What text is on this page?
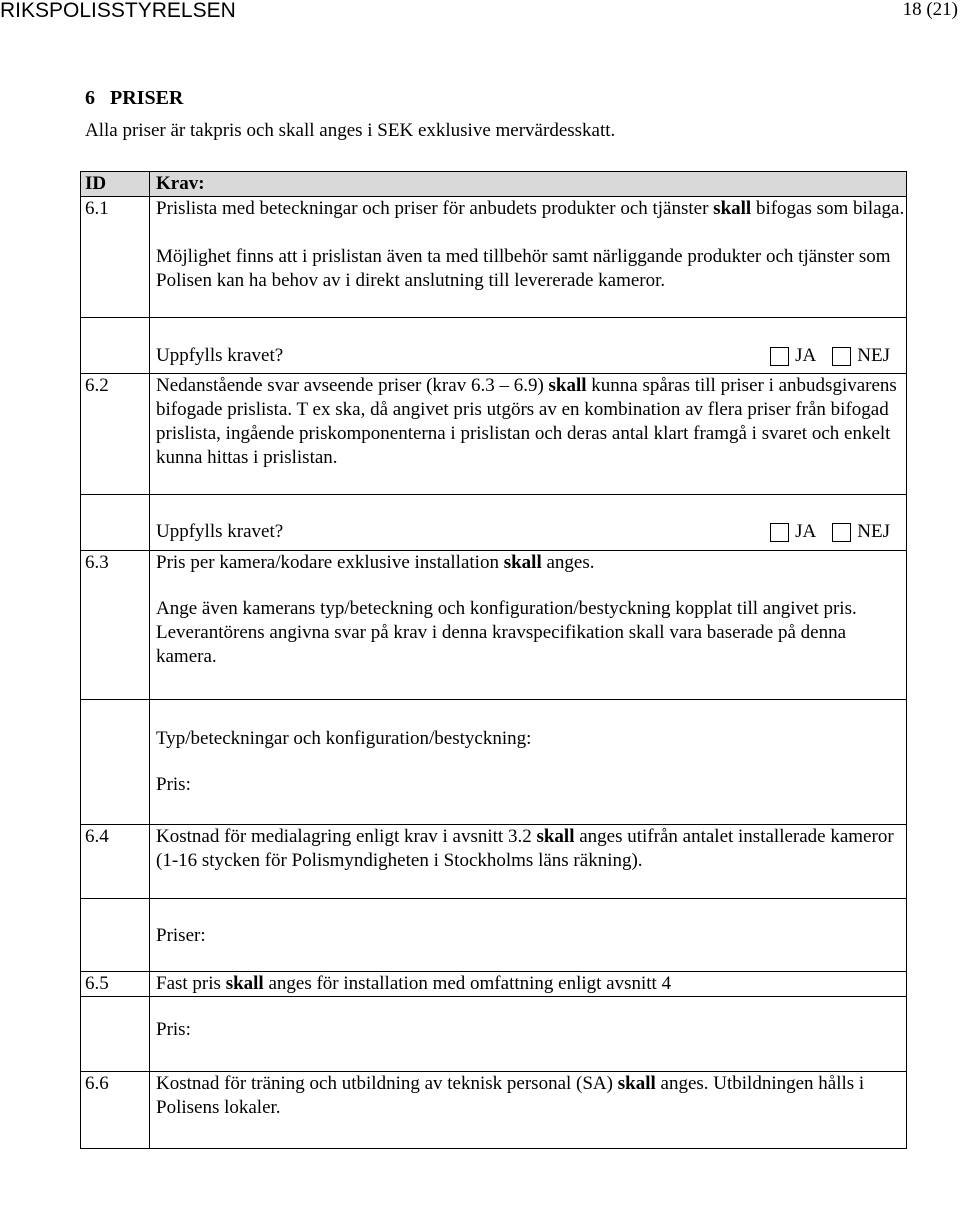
RIKSPOLISSTYRELSEN	18 (21)
6   PRISER
Alla priser är takpris och skall anges i SEK exklusive mervärdesskatt.
ID	Krav:
6.1	Prislista med beteckningar och priser för anbudets produkter och tjänster skall bifogas som bilaga.

Möjlighet finns att i prislistan även ta med tillbehör samt närliggande produkter och tjänster som Polisen kan ha behov av i direkt anslutning till levererade kameror.

	Uppfylls kravet? JA NEJ

6.2	Nedanstående svar avseende priser (krav 6.3 – 6.9) skall kunna spåras till priser i anbudsgivarens bifogade prislista. T ex ska, då angivet pris utgörs av en kombination av flera priser från bifogad prislista, ingående priskomponenterna i prislistan och deras antal klart framgå i svaret och enkelt kunna hittas i prislistan.

	Uppfylls kravet? JA NEJ

6.3	Pris per kamera/kodare exklusive installation skall anges.

Ange även kamerans typ/beteckning och konfiguration/bestyckning kopplat till angivet pris. Leverantörens angivna svar på krav i denna kravspecifikation skall vara baserade på denna kamera.

	Typ/beteckningar och konfiguration/bestyckning:

Pris:

6.4	Kostnad för medialagring enligt krav i avsnitt 3.2 skall anges utifrån antalet installerade kameror (1-16 stycken för Polismyndigheten i Stockholms läns räkning).

	Priser:

6.5	Fast pris skall anges för installation med omfattning enligt avsnitt 4

	Pris:

6.6	Kostnad för träning och utbildning av teknisk personal (SA) skall anges. Utbildningen hålls i Polisens lokaler.
